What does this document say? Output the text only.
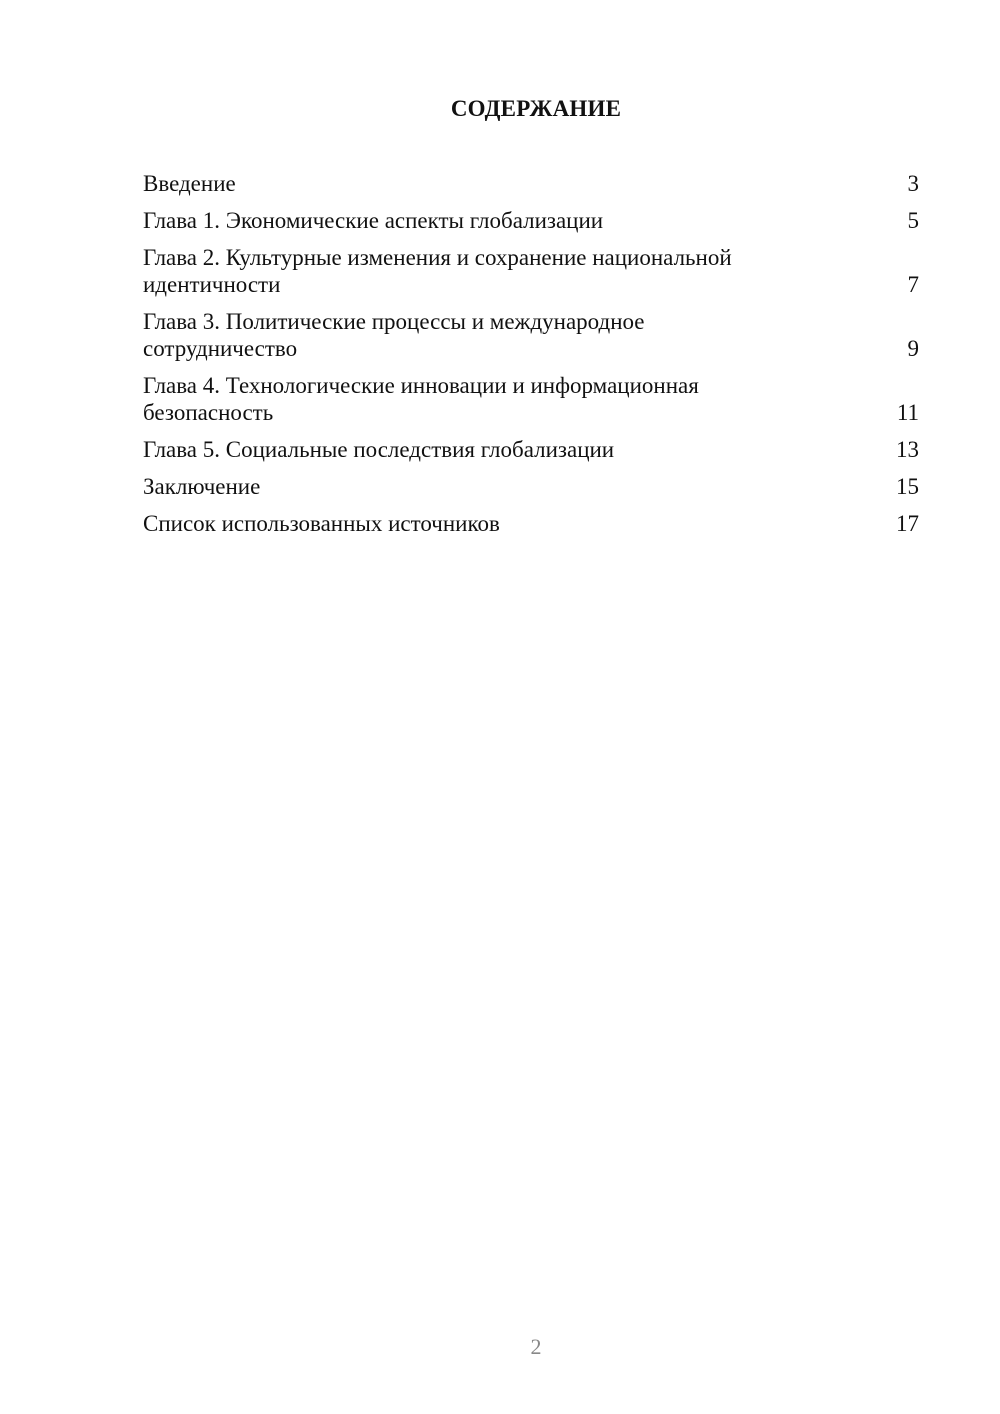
СОДЕРЖАНИЕ
Введение	3
Глава 1. Экономические аспекты глобализации	5
Глава 2. Культурные изменения и сохранение национальной идентичности	7
Глава 3. Политические процессы и международное сотрудничество	9
Глава 4. Технологические инновации и информационная безопасность	11
Глава 5. Социальные последствия глобализации	13
Заключение	15
Список использованных источников	17
2
